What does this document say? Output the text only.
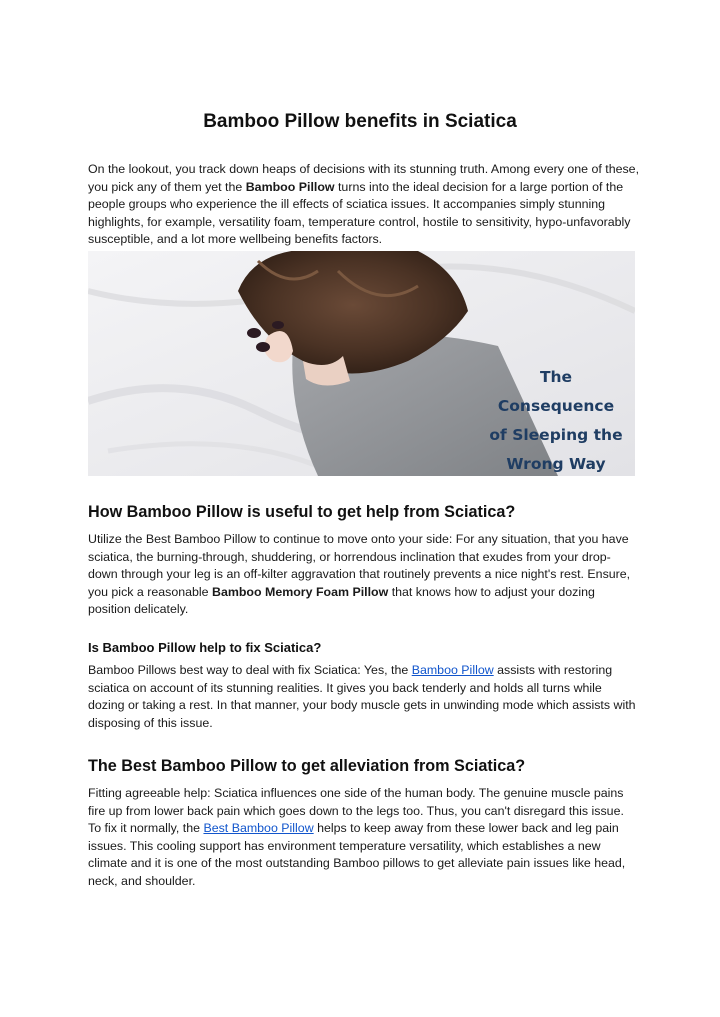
Bamboo Pillow benefits in Sciatica

On the lookout, you track down heaps of decisions with its stunning truth. Among every one of these, you pick any of them yet the Bamboo Pillow turns into the ideal decision for a large portion of the people groups who experience the ill effects of sciatica issues. It accompanies simply stunning highlights, for example, versatility foam, temperature control, hostile to sensitivity, hypo-unfavorably susceptible, and a lot more wellbeing benefits factors.

The
Consequence
of Sleeping the
Wrong Way
How Bamboo Pillow is useful to get help from Sciatica?

Utilize the Best Bamboo Pillow to continue to move onto your side: For any situation, that you have sciatica, the burning-through, shuddering, or horrendous inclination that exudes from your drop-down through your leg is an off-kilter aggravation that routinely prevents a nice night's rest. Ensure, you pick a reasonable Bamboo Memory Foam Pillow that knows how to adjust your dozing position delicately.

Is Bamboo Pillow help to fix Sciatica?

Bamboo Pillows best way to deal with fix Sciatica: Yes, the Bamboo Pillow assists with restoring sciatica on account of its stunning realities. It gives you back tenderly and holds all turns while dozing or taking a rest. In that manner, your body muscle gets in unwinding mode which assists with disposing of this issue.

The Best Bamboo Pillow to get alleviation from Sciatica?

Fitting agreeable help: Sciatica influences one side of the human body. The genuine muscle pains fire up from lower back pain which goes down to the legs too. Thus, you can't disregard this issue. To fix it normally, the Best Bamboo Pillow helps to keep away from these lower back and leg pain issues. This cooling support has environment temperature versatility, which establishes a new climate and it is one of the most outstanding Bamboo pillows to get alleviate pain issues like head, neck, and shoulder.
